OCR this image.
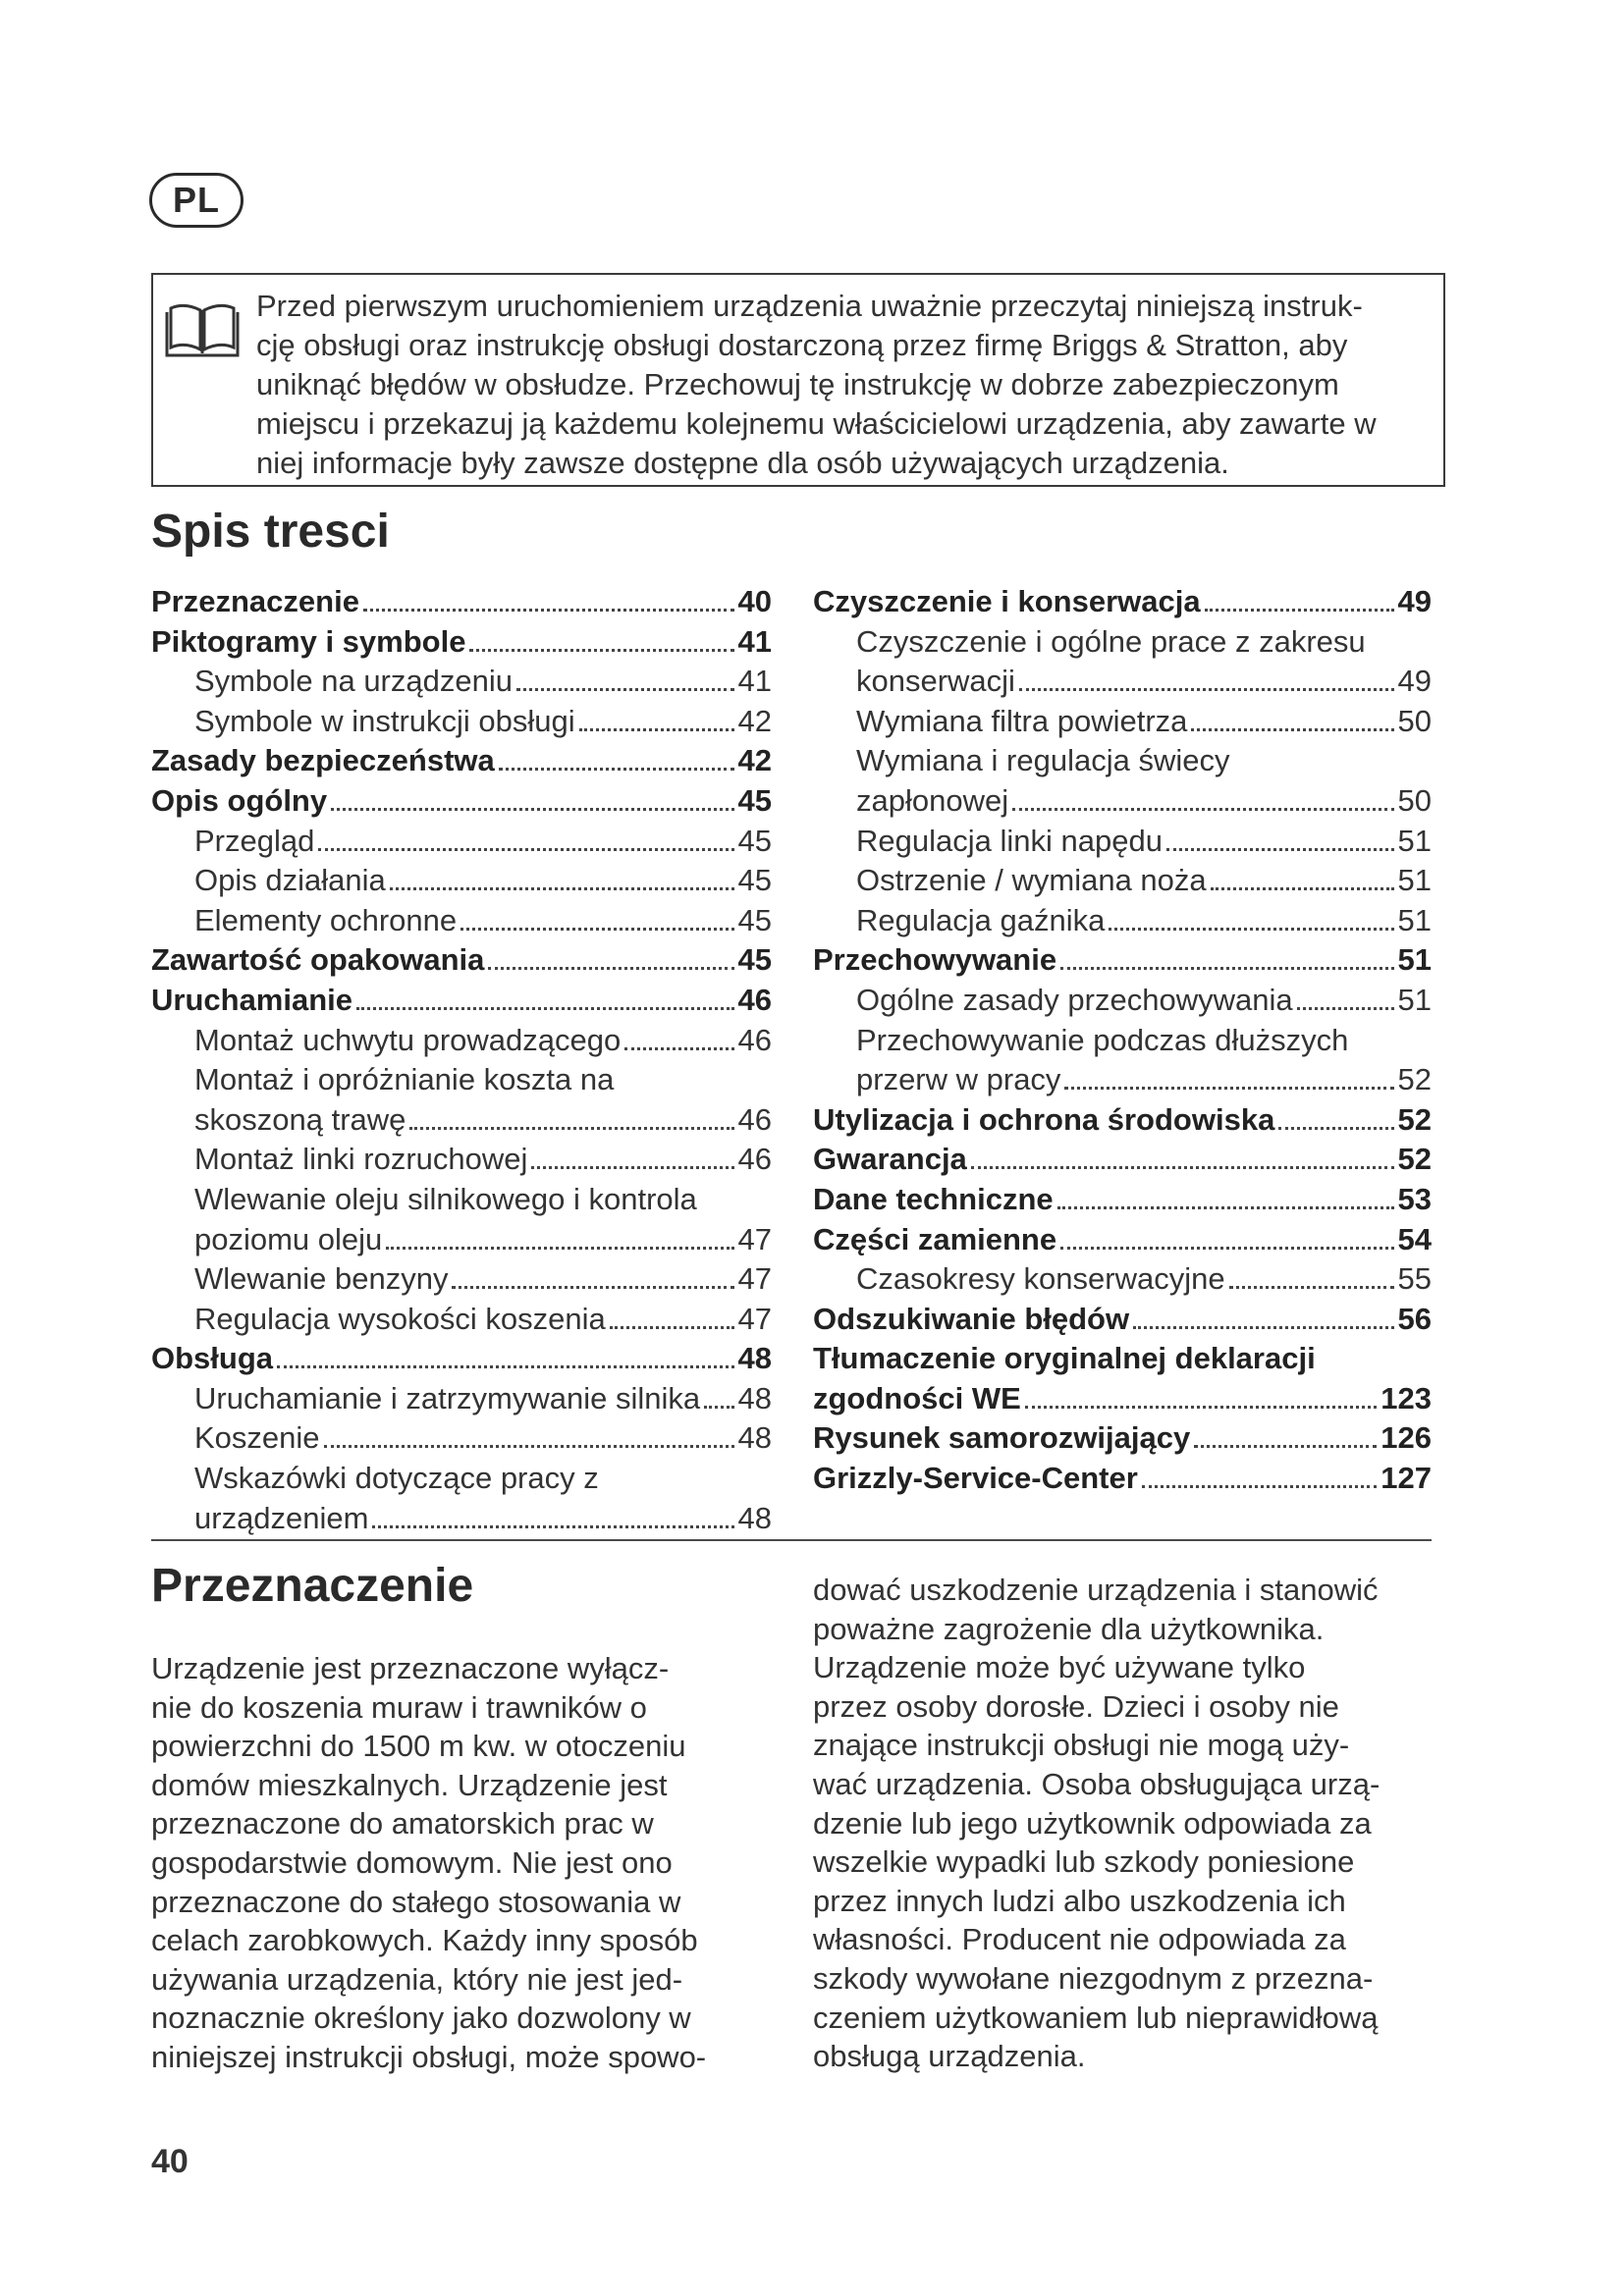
PL
Przed pierwszym uruchomieniem urządzenia uważnie przeczytaj niniejszą instruk-
cję obsługi oraz instrukcję obsługi dostarczoną przez firmę Briggs & Stratton, aby
uniknąć błędów w obsłudze. Przechowuj tę instrukcję w dobrze zabezpieczonym
miejscu i przekazuj ją każdemu kolejnemu właścicielowi urządzenia, aby zawarte w
niej informacje były zawsze dostępne dla osób używających urządzenia.
Spis tresci
Przeznaczenie	40
Piktogramy i symbole	41
Symbole na urządzeniu	41
Symbole w instrukcji obsługi	42
Zasady bezpieczeństwa	42
Opis ogólny	45
Przegląd	45
Opis działania	45
Elementy ochronne	45
Zawartość opakowania	45
Uruchamianie	46
Montaż uchwytu prowadzącego	46
Montaż i opróżnianie koszta na
skoszoną trawę	46
Montaż linki rozruchowej	46
Wlewanie oleju silnikowego i kontrola
poziomu oleju	47
Wlewanie benzyny	47
Regulacja wysokości koszenia	47
Obsługa	48
Uruchamianie i zatrzymywanie silnika 48
Koszenie	48
Wskazówki dotyczące pracy z
urządzeniem	48
Czyszczenie i konserwacja	49
Czyszczenie i ogólne prace z zakresu
konserwacji	49
Wymiana filtra powietrza	50
Wymiana i regulacja świecy
zapłonowej	50
Regulacja linki napędu	51
Ostrzenie / wymiana noża	51
Regulacja gaźnika	51
Przechowywanie	51
Ogólne zasady przechowywania	51
Przechowywanie podczas dłuższych
przerw w pracy	52
Utylizacja i ochrona środowiska	52
Gwarancja	52
Dane techniczne	53
Części zamienne	54
Czasokresy konserwacyjne	55
Odszukiwanie błędów	56
Tłumaczenie oryginalnej deklaracji
zgodności WE	123
Rysunek samorozwijający	126
Grizzly-Service-Center	127
Przeznaczenie
Urządzenie jest przeznaczone wyłącz-
nie do koszenia muraw i trawników o
powierzchni do 1500 m kw. w otoczeniu
domów mieszkalnych. Urządzenie jest
przeznaczone do amatorskich prac w
gospodarstwie domowym. Nie jest ono
przeznaczone do stałego stosowania w
celach zarobkowych. Każdy inny sposób
używania urządzenia, który nie jest jed-
noznacznie określony jako dozwolony w
niniejszej instrukcji obsługi, może spowo-
dować uszkodzenie urządzenia i stanowić
poważne zagrożenie dla użytkownika.
Urządzenie może być używane tylko
przez osoby dorosłe. Dzieci i osoby nie
znające instrukcji obsługi nie mogą uży-
wać urządzenia. Osoba obsługująca urzą-
dzenie lub jego użytkownik odpowiada za
wszelkie wypadki lub szkody poniesione
przez innych ludzi albo uszkodzenia ich
własności. Producent nie odpowiada za
szkody wywołane niezgodnym z przezna-
czeniem użytkowaniem lub nieprawidłową
obsługą urządzenia.
40
